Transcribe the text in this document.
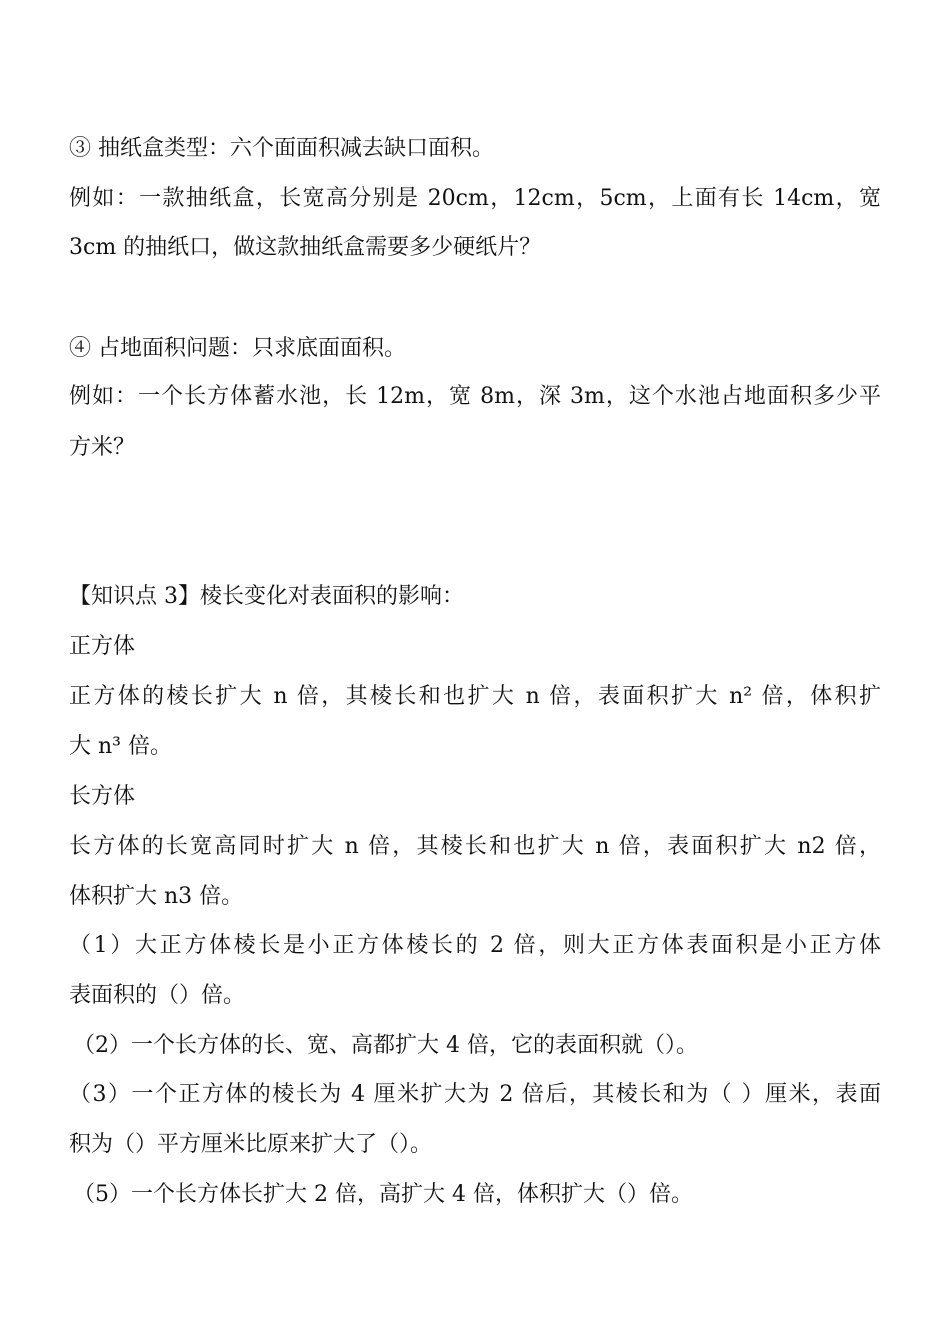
③ 抽纸盒类型：六个面面积减去缺口面积。
例如：一款抽纸盒，长宽高分别是 20cm，12cm，5cm，上面有长 14cm，宽
3cm 的抽纸口，做这款抽纸盒需要多少硬纸片？
④ 占地面积问题：只求底面面积。
例如：一个长方体蓄水池，长 12m，宽 8m，深 3m，这个水池占地面积多少平
方米？
【知识点 3】棱长变化对表面积的影响：
正方体
正方体的棱长扩大 n 倍，其棱长和也扩大 n 倍，表面积扩大 n² 倍，体积扩
大 n³ 倍。
长方体
长方体的长宽高同时扩大 n 倍，其棱长和也扩大 n 倍，表面积扩大 n2 倍，
体积扩大 n3 倍。
（1）大正方体棱长是小正方体棱长的 2 倍，则大正方体表面积是小正方体
表面积的（）倍。
（2）一个长方体的长、宽、高都扩大 4 倍，它的表面积就（）。
（3）一个正方体的棱长为 4 厘米扩大为 2 倍后，其棱长和为（ ）厘米，表面
积为（）平方厘米比原来扩大了（）。
（5）一个长方体长扩大 2 倍，高扩大 4 倍，体积扩大（）倍。
